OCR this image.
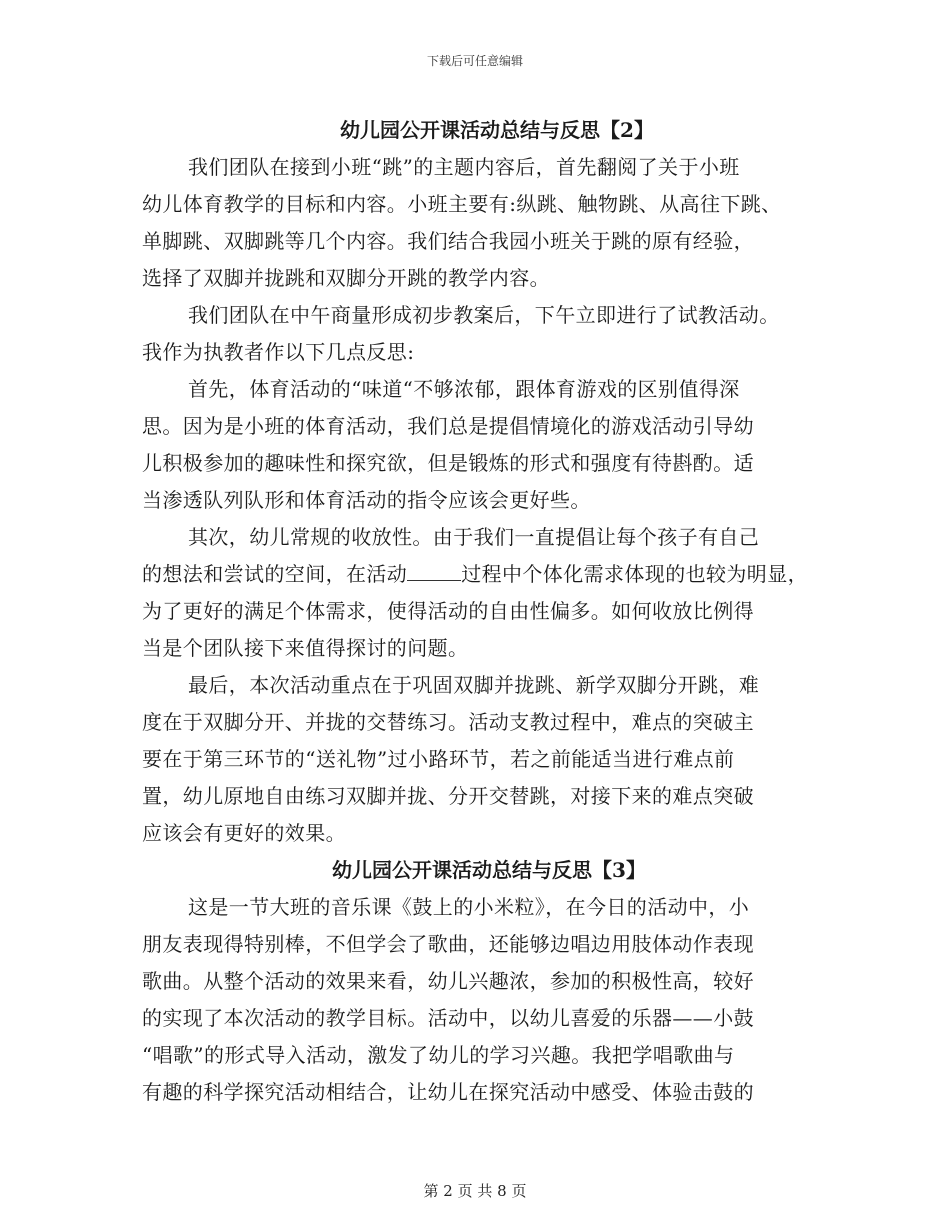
下载后可任意编辑
幼儿园公开课活动总结与反思【2】
我们团队在接到小班“跳”的主题内容后，首先翻阅了关于小班
幼儿体育教学的目标和内容。小班主要有:纵跳、触物跳、从高往下跳、
单脚跳、双脚跳等几个内容。我们结合我园小班关于跳的原有经验，
选择了双脚并拢跳和双脚分开跳的教学内容。
我们团队在中午商量形成初步教案后，下午立即进行了试教活动。
我作为执教者作以下几点反思:
首先，体育活动的“味道“不够浓郁，跟体育游戏的区别值得深
思。因为是小班的体育活动，我们总是提倡情境化的游戏活动引导幼
儿积极参加的趣味性和探究欲，但是锻炼的形式和强度有待斟酌。适
当渗透队列队形和体育活动的指令应该会更好些。
其次，幼儿常规的收放性。由于我们一直提倡让每个孩子有自己
的想法和尝试的空间，在活动	过程中个体化需求体现的也较为明显，
为了更好的满足个体需求，使得活动的自由性偏多。如何收放比例得
当是个团队接下来值得探讨的问题。
最后，本次活动重点在于巩固双脚并拢跳、新学双脚分开跳，难
度在于双脚分开、并拢的交替练习。活动支教过程中，难点的突破主
要在于第三环节的“送礼物”过小路环节，若之前能适当进行难点前
置，幼儿原地自由练习双脚并拢、分开交替跳，对接下来的难点突破
应该会有更好的效果。
幼儿园公开课活动总结与反思【3】
这是一节大班的音乐课《鼓上的小米粒》，在今日的活动中，小
朋友表现得特别棒，不但学会了歌曲，还能够边唱边用肢体动作表现
歌曲。从整个活动的效果来看，幼儿兴趣浓，参加的积极性高，较好
的实现了本次活动的教学目标。活动中，以幼儿喜爱的乐器——小鼓
“唱歌”的形式导入活动，激发了幼儿的学习兴趣。我把学唱歌曲与
有趣的科学探究活动相结合，让幼儿在探究活动中感受、体验击鼓的
第 2 页 共 8 页
